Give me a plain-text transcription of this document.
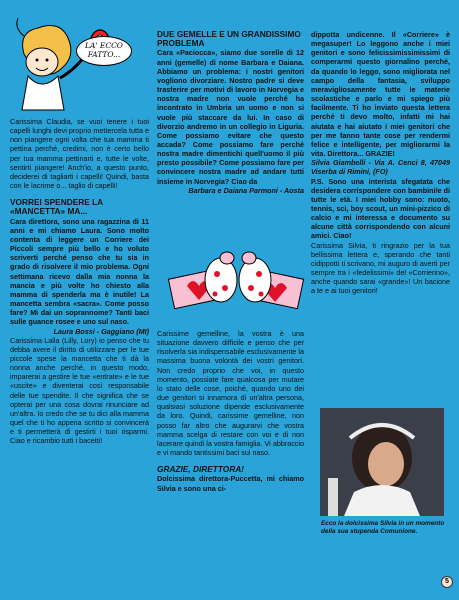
LA' ECCO FATTO...

Carissima Claudia, se vuoi tenere i tuoi capelli lunghi devi proprio mettercela tutta e non piangere ogni volta che tua mamma ti pettina perché, credimi, non è certo bello per tua mamma pettinarti e, tutte le volte, sentirti piangere! Anch'io, a questo punto, deciderei di tagliarti i capelli! Quindi, basta con le lacrime o... taglio di capelli!

VORREI SPENDERE LA «MANCETTA» MA...

Cara direttora, sono una ragazzina di 11 anni e mi chiamo Laura. Sono molto contenta di leggere un Corriere dei Piccoli sempre più bello e ho voluto scriverti perché penso che tu sia in grado di risolvere il mio problema. Ogni settimana ricevo dalla mia nonna la mancia e più volte ho chiesto alla mamma di spenderla ma è inutile! La mancetta sembra «sacra». Come posso fare? Mi dai un soprannome? Tanti baci sulle guance rosee e uno sul naso.

Laura Bossi - Gaggiano (MI)

Carissima Lalla (Lilly, Lory) io penso che tu debba avere il diritto di utilizzare per le tue piccole spese la mancetta che ti dà la nonna anche perché, in questo modo, imparerai a gestire le tue «entrate» e le tue «uscite» e diventerai così responsabile delle tue spendite. Il che significa che se opterai per una cosa dovrai rinunciare ad un'altra. Io credo che se tu dici alla mamma quel che ti ho appena scritto si convincerà e ti permetterà di gestirti i tuoi risparmi. Ciao e ricambio tutti i bacetti!

DUE GEMELLE E UN GRANDISSIMO PROBLEMA

Cara «Paciocca», siamo due sorelle di 12 anni (gemelle) di nome Barbara e Daiana. Abbiamo un problema: i nostri genitori vogliono divorziare. Nostro padre si deve trasferire per motivi di lavoro in Norvegia e nostra madre non vuole perché ha incontrato in Umbria un uomo e non si vuole più staccare da lui. In caso di divorzio andremo in un collegio in Liguria. Come possiamo evitare che questo accada? Come possiamo fare perché nostra madre dimentichi quell'uomo il più presto possibile? Come possiamo fare per convincere nostra madre ad andare tutti insieme in Norvegia? Ciao da

Barbara e Daiana Parmoni - Aosta

Carissime gemelline, la vostra è una situazione davvero difficile e penso che per risolverla sia indispensabile esclusivamente la massima buona volontà dei vostri genitori. Non credo proprio che voi, in questo momento, possiate fare qualcosa per mutare lo stato delle cose, poiché, quando uno dei due genitori si innamora di un'altra persona, qualsiasi soluzione dipende esclusivamente da loro. Quindi, carissime gemelline, non posso far altro che augurarvi che vostra mamma scelga di restare con voi e di non lacerare quindi la vostra famiglia. Vi abbraccio e vi mando tantissimi baci sul naso.

GRAZIE, DIRETTORA!

Dolcissima direttora-Puccetta, mi chiamo Silvia e sono una ci-

dippotta undicenne. Il «Corriere» è megasuper! Lo leggono anche i miei genitori e sono felicissimissimissimi di comperarmi questo giornalino perché, da quando lo leggo, sono migliorata nel campo della fantasia, sviluppo meravigliosamente tutte le materie scolastiche e parlo e mi spiego più facilmente. Ti ho inviato questa lettera perché ti devo molto, infatti mi hai aiutata e hai aiutato i miei genitori che per me fanno tante cose per rendermi felice e intelligente, per migliorarmi la vita. Direttora... GRAZIE!

Silvia Giambelli - Via A. Cenci 8, 47049 Viserba di Rimini, (FO)

P.S. Sono una interista sfegatata che desidera corrispondere con bambini/e di tutte le età. I miei hobby sono: nuoto, tennis, sci, boy scout, un mini-pizzico di calcio e mi interessa e documento su alcune città corrispondendo con alcuni amici. Ciao!

Carissima Silvia, ti ringrazio per la tua bellissima lettera e, sperando che tanti cidippotti ti scrivano, mi auguro di averti per sempre tra i «fedelissimi» del «Corrierino», anche quando sarai «grande»! Un bacione a te e ai tuoi genitori!

Ecco la dolcissima Silvia in un momento della sua stupenda Comunione.
5
